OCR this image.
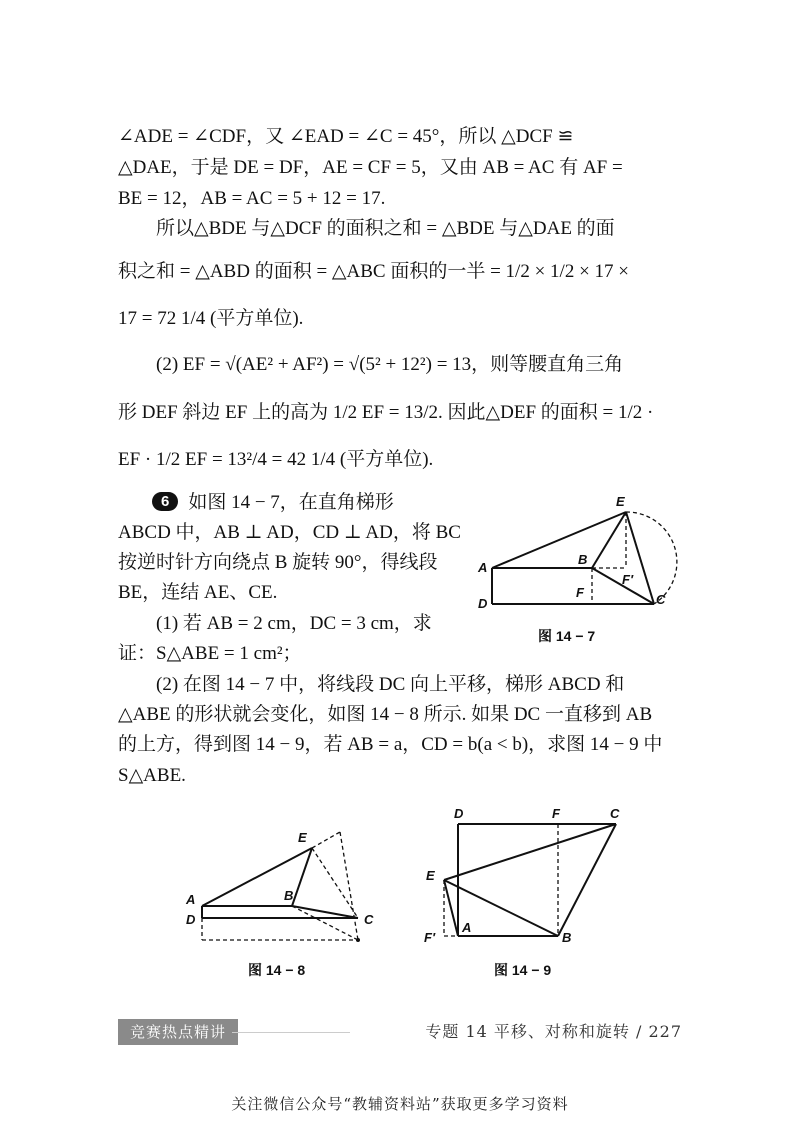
∠ADE = ∠CDF，又 ∠EAD = ∠C = 45°，所以 △DCF ≌
△DAE，于是 DE = DF，AE = CF = 5，又由 AB = AC 有 AF =
BE = 12，AB = AC = 5 + 12 = 17.
所以△BDE 与△DCF 的面积之和 = △BDE 与△DAE 的面
积之和 = △ABD 的面积 = △ABC 面积的一半 = 1/2 × 1/2 × 17 ×
17 = 72 1/4 (平方单位).
(2) EF = √(AE² + AF²) = √(5² + 12²) = 13，则等腰直角三角
形 DEF 斜边 EF 上的高为 1/2 EF = 13/2. 因此△DEF 的面积 = 1/2 ·
EF · 1/2 EF = 13²/4 = 42 1/4 (平方单位).
6 如图 14 − 7，在直角梯形
ABCD 中，AB ⊥ AD，CD ⊥ AD，将 BC
按逆时针方向绕点 B 旋转 90°，得线段
BE，连结 AE、CE.
(1) 若 AB = 2 cm，DC = 3 cm，求
证：S△ABE = 1 cm²；
E
A
B
D
F
F′
C
图 14 − 7
(2) 在图 14 − 7 中，将线段 DC 向上平移，梯形 ABCD 和
△ABE 的形状就会变化，如图 14 − 8 所示. 如果 DC 一直移到 AB
的上方，得到图 14 − 9，若 AB = a，CD = b(a < b)，求图 14 − 9 中
S△ABE.
E
A	B
D	C
图 14 − 8
D	F	C
E
A
B
F′
图 14 − 9
竞赛热点精讲	专题 14 平移、对称和旋转 / 227
关注微信公众号“教辅资料站”获取更多学习资料
